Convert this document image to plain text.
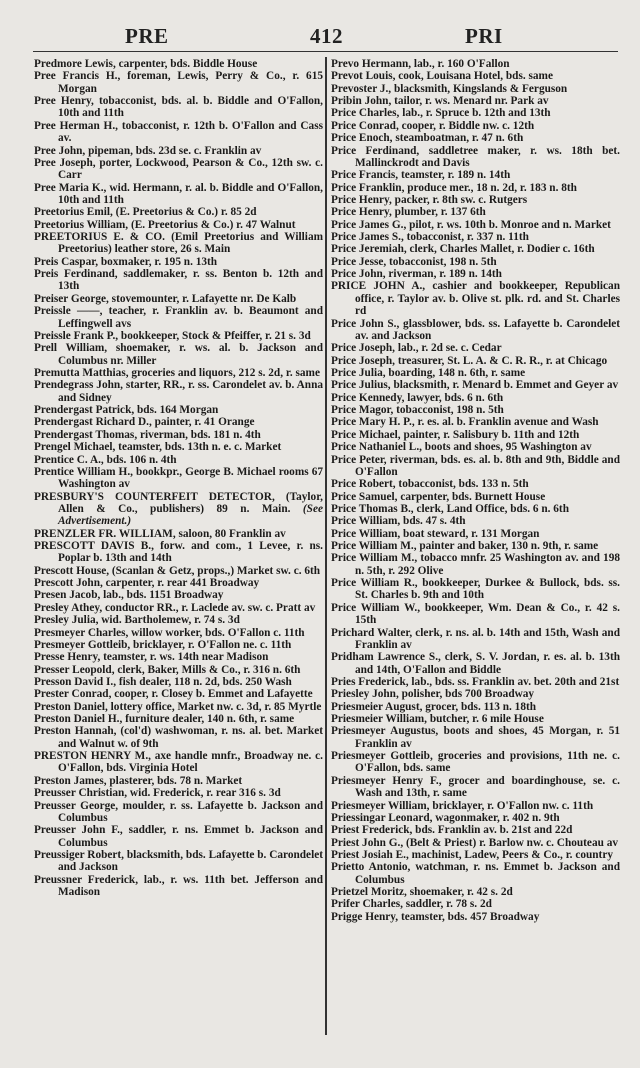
PRE	412	PRI
Predmore Lewis, carpenter, bds. Biddle House
Pree Francis H., foreman, Lewis, Perry & Co., r. 615 Morgan
Pree Henry, tobacconist, bds. al. b. Biddle and O'Fallon, 10th and 11th
Pree Herman H., tobacconist, r. 12th b. O'Fallon and Cass av.
Pree John, pipeman, bds. 23d se. c. Franklin av
Pree Joseph, porter, Lockwood, Pearson & Co., 12th sw. c. Carr
Pree Maria K., wid. Hermann, r. al. b. Biddle and O'Fallon, 10th and 11th
Preetorius Emil, (E. Preetorius & Co.) r. 85 2d
Preetorius William, (E. Preetorius & Co.) r. 47 Walnut
PREETORIUS E. & CO. (Emil Preetorius and William Preetorius) leather store, 26 s. Main
Preis Caspar, boxmaker, r. 195 n. 13th
Preis Ferdinand, saddlemaker, r. ss. Benton b. 12th and 13th
Preiser George, stovemounter, r. Lafayette nr. De Kalb
Preissle ——, teacher, r. Franklin av. b. Beaumont and Leffingwell avs
Preissle Frank P., bookkeeper, Stock & Pfeiffer, r. 21 s. 3d
Prell William, shoemaker, r. ws. al. b. Jackson and Columbus nr. Miller
Premutta Matthias, groceries and liquors, 212 s. 2d, r. same
Prendegrass John, starter, RR., r. ss. Carondelet av. b. Anna and Sidney
Prendergast Patrick, bds. 164 Morgan
Prendergast Richard D., painter, r. 41 Orange
Prendergast Thomas, riverman, bds. 181 n. 4th
Prengel Michael, teamster, bds. 13th n. e. c. Market
Prentice C. A., bds. 106 n. 4th
Prentice William H., bookkpr., George B. Michael rooms 67 Washington av
PRESBURY'S COUNTERFEIT DETECTOR, (Taylor, Allen & Co., publishers) 89 n. Main. (See Advertisement.)
PRENZLER FR. WILLIAM, saloon, 80 Franklin av
PRESCOTT DAVIS B., forw. and com., 1 Levee, r. ns. Poplar b. 13th and 14th
Prescott House, (Scanlan & Getz, props.,) Market sw. c. 6th
Prescott John, carpenter, r. rear 441 Broadway
Presen Jacob, lab., bds. 1151 Broadway
Presley Athey, conductor RR., r. Laclede av. sw. c. Pratt av
Presley Julia, wid. Bartholemew, r. 74 s. 3d
Presmeyer Charles, willow worker, bds. O'Fallon c. 11th
Presmeyer Gottleib, bricklayer, r. O'Fallon ne. c. 11th
Presse Henry, teamster, r. ws. 14th near Madison
Presser Leopold, clerk, Baker, Mills & Co., r. 316 n. 6th
Presson David I., fish dealer, 118 n. 2d, bds. 250 Wash
Prester Conrad, cooper, r. Closey b. Emmet and Lafayette
Preston Daniel, lottery office, Market nw. c. 3d, r. 85 Myrtle
Preston Daniel H., furniture dealer, 140 n. 6th, r. same
Preston Hannah, (col'd) washwoman, r. ns. al. bet. Market and Walnut w. of 9th
PRESTON HENRY M., axe handle mnfr., Broadway ne. c. O'Fallon, bds. Virginia Hotel
Preston James, plasterer, bds. 78 n. Market
Preusser Christian, wid. Frederick, r. rear 316 s. 3d
Preusser George, moulder, r. ss. Lafayette b. Jackson and Columbus
Preusser John F., saddler, r. ns. Emmet b. Jackson and Columbus
Preussiger Robert, blacksmith, bds. Lafayette b. Carondelet and Jackson
Preussner Frederick, lab., r. ws. 11th bet. Jefferson and Madison
Prevo Hermann, lab., r. 160 O'Fallon
Prevot Louis, cook, Louisana Hotel, bds. same
Prevoster J., blacksmith, Kingslands & Ferguson
Pribin John, tailor, r. ws. Menard nr. Park av
Price Charles, lab., r. Spruce b. 12th and 13th
Price Conrad, cooper, r. Biddle nw. c. 12th
Price Enoch, steamboatman, r. 47 n. 6th
Price Ferdinand, saddletree maker, r. ws. 18th bet. Mallinckrodt and Davis
Price Francis, teamster, r. 189 n. 14th
Price Franklin, produce mer., 18 n. 2d, r. 183 n. 8th
Price Henry, packer, r. 8th sw. c. Rutgers
Price Henry, plumber, r. 137 6th
Price James G., pilot, r. ws. 10th b. Monroe and n. Market
Price James S., tobacconist, r. 337 n. 11th
Price Jeremiah, clerk, Charles Mallet, r. Dodier c. 16th
Price Jesse, tobacconist, 198 n. 5th
Price John, riverman, r. 189 n. 14th
PRICE JOHN A., cashier and bookkeeper, Republican office, r. Taylor av. b. Olive st. plk. rd. and St. Charles rd
Price John S., glassblower, bds. ss. Lafayette b. Carondelet av. and Jackson
Price Joseph, lab., r. 2d se. c. Cedar
Price Joseph, treasurer, St. L. A. & C. R. R., r. at Chicago
Price Julia, boarding, 148 n. 6th, r. same
Price Julius, blacksmith, r. Menard b. Emmet and Geyer av
Price Kennedy, lawyer, bds. 6 n. 6th
Price Magor, tobacconist, 198 n. 5th
Price Mary H. P., r. es. al. b. Franklin avenue and Wash
Price Michael, painter, r. Salisbury b. 11th and 12th
Price Nathaniel L., boots and shoes, 95 Washington av
Price Peter, riverman, bds. es. al. b. 8th and 9th, Biddle and O'Fallon
Price Robert, tobacconist, bds. 133 n. 5th
Price Samuel, carpenter, bds. Burnett House
Price Thomas B., clerk, Land Office, bds. 6 n. 6th
Price William, bds. 47 s. 4th
Price William, boat steward, r. 131 Morgan
Price William M., painter and baker, 130 n. 9th, r. same
Price William M., tobacco mnfr. 25 Washington av. and 198 n. 5th, r. 292 Olive
Price William R., bookkeeper, Durkee & Bullock, bds. ss. St. Charles b. 9th and 10th
Price William W., bookkeeper, Wm. Dean & Co., r. 42 s. 15th
Prichard Walter, clerk, r. ns. al. b. 14th and 15th, Wash and Franklin av
Pridham Lawrence S., clerk, S. V. Jordan, r. es. al. b. 13th and 14th, O'Fallon and Biddle
Pries Frederick, lab., bds. ss. Franklin av. bet. 20th and 21st
Priesley John, polisher, bds 700 Broadway
Priesmeier August, grocer, bds. 113 n. 18th
Priesmeier William, butcher, r. 6 mile House
Priesmeyer Augustus, boots and shoes, 45 Morgan, r. 51 Franklin av
Priesmeyer Gottleib, groceries and provisions, 11th ne. c. O'Fallon, bds. same
Priesmeyer Henry F., grocer and boardinghouse, se. c. Wash and 13th, r. same
Priesmeyer William, bricklayer, r. O'Fallon nw. c. 11th
Priessingar Leonard, wagonmaker, r. 402 n. 9th
Priest Frederick, bds. Franklin av. b. 21st and 22d
Priest John G., (Belt & Priest) r. Barlow nw. c. Chouteau av
Priest Josiah E., machinist, Ladew, Peers & Co., r. country
Prietto Antonio, watchman, r. ns. Emmet b. Jackson and Columbus
Prietzel Moritz, shoemaker, r. 42 s. 2d
Prifer Charles, saddler, r. 78 s. 2d
Prigge Henry, teamster, bds. 457 Broadway
